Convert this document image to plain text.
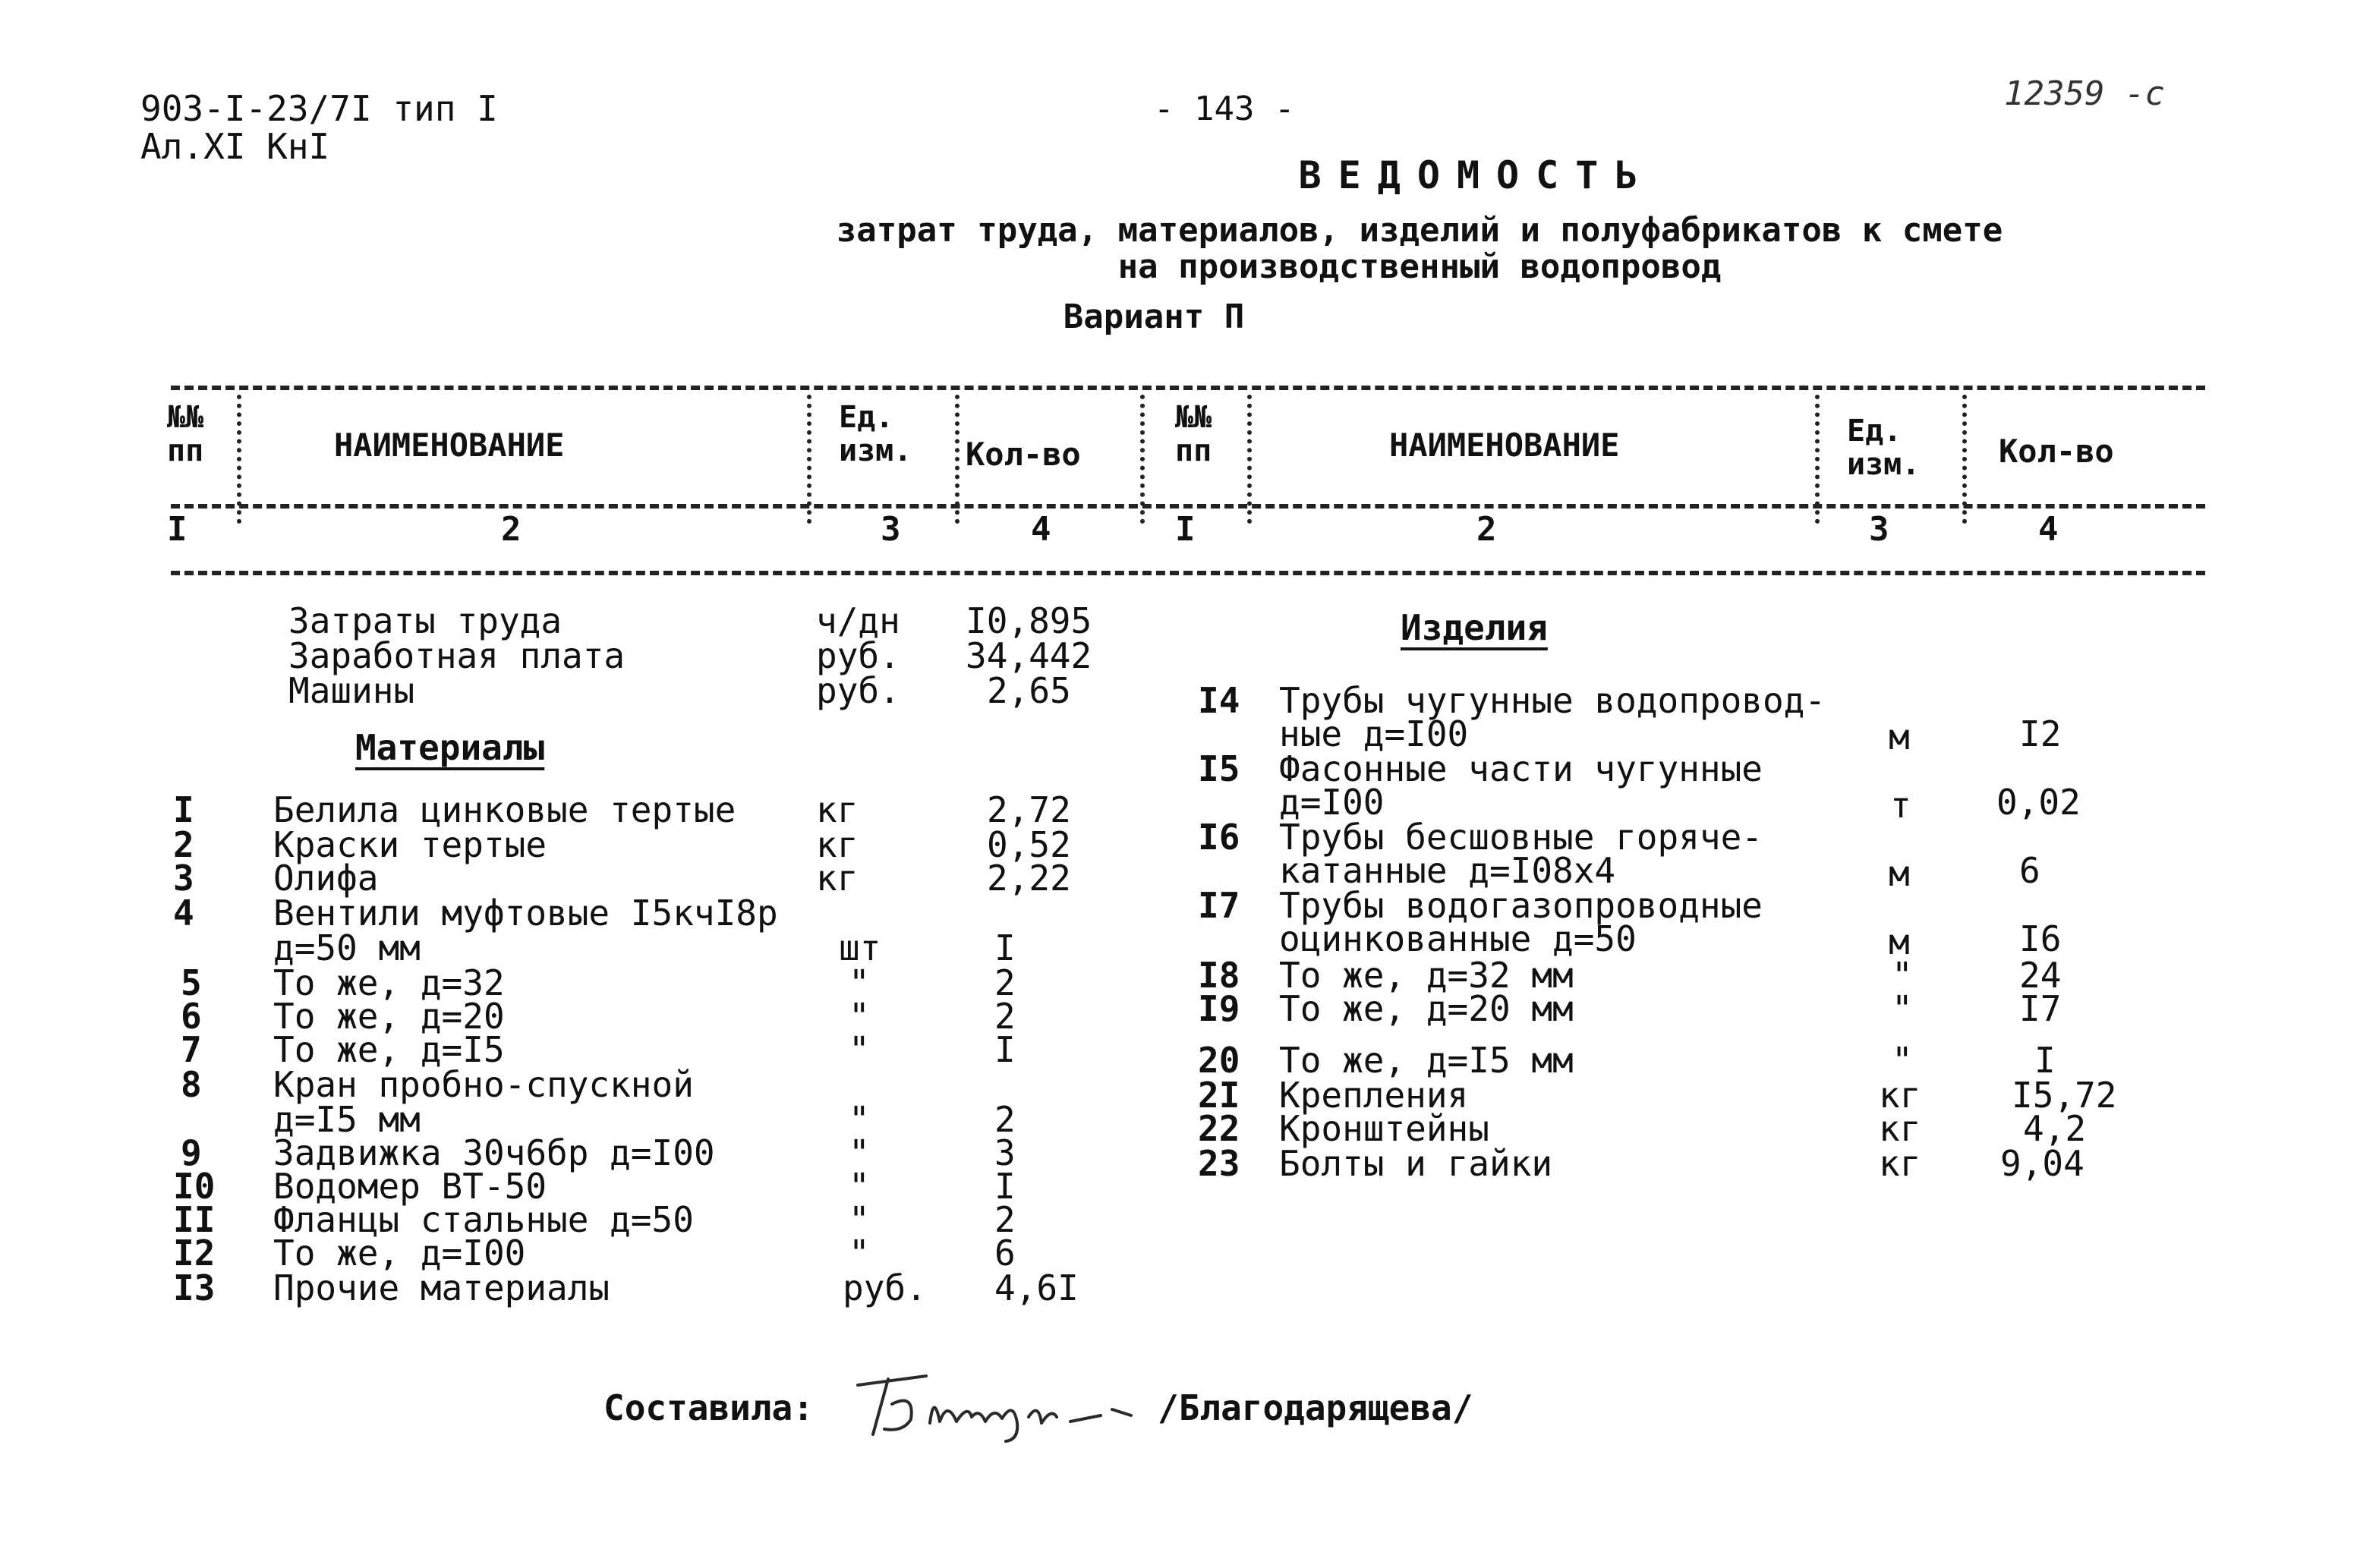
903-I-23/7I тип I
Ал.XI КнI
- 143 -	12359 -с
ВЕДОМОСТЬ
затрат труда, материалов, изделий и полуфабрикатов к смете
на производственный водопровод
Вариант П
№№ пп	НАИМЕНОВАНИЕ
Ед. изм.	Кол-во
№№ пп	НАИМЕНОВАНИЕ	Ед. изм.	Кол-во
I	2	3	4	I	2	3	4
Затраты труда	ч/дн I0,895
Заработная плата	руб. 34,442
Машины	руб. 2,65
Материалы
I Белила цинковые тертые кг	2,72
2 Краски тертые	кг	0,52
3 Олифа	кг	2,22
4 Вентили муфтовые I5кчI8р
д=50 мм	шт	I
5 То же, д=32	"	2
6 То же, д=20	"	2
7 То же, д=I5	"	I
8 Кран пробно-спускной
д=I5 мм	"	2
9 Задвижка 30ч6бр д=I00	"	3
I0 Водомер ВТ-50	"	I
II Фланцы стальные д=50	"	2
I2 То же, д=I00	"	6
I3 Прочие материалы	руб. 4,6I
Изделия
I4 Трубы чугунные водопровод-
ные д=I00	м	I2
I5 Фасонные части чугунные
д=I00	т 0,02
I6 Трубы бесшовные горяче-
катанные д=I08х4	м	6
I7 Трубы водогазопроводные
оцинкованные д=50	м	I6
I8 То же, д=32 мм	"	24
I9 То же, д=20 мм	"	I7
20 То же, д=I5 мм	"	I
2I Крепления	кг	I5,72
22 Кронштейны	кг	4,2
23 Болты и гайки	кг 9,04
Составила:	/Благодарящева/
